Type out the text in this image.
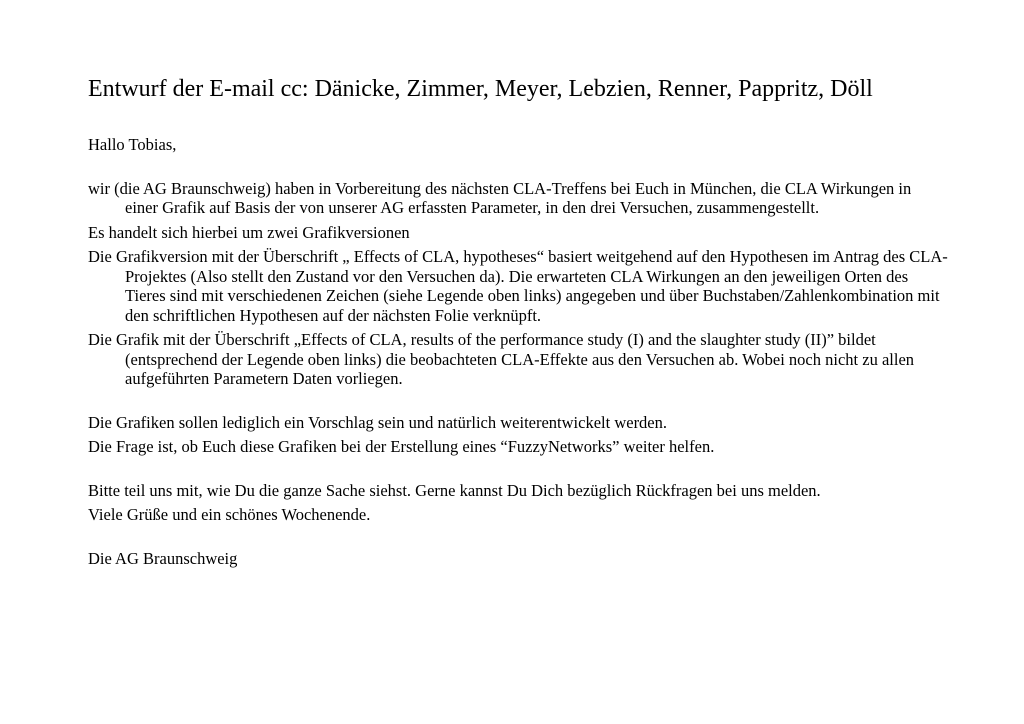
Entwurf der E-mail cc: Dänicke, Zimmer, Meyer, Lebzien, Renner, Pappritz, Döll

Hallo Tobias,

wir (die AG Braunschweig) haben in Vorbereitung des nächsten CLA-Treffens bei Euch in München, die CLA Wirkungen in einer Grafik auf Basis der von unserer AG erfassten Parameter, in den drei Versuchen, zusammengestellt.

Es handelt sich hierbei um zwei Grafikversionen

Die Grafikversion mit der Überschrift „ Effects of CLA, hypotheses“ basiert weitgehend auf den Hypothesen im Antrag des CLA-Projektes (Also stellt den Zustand vor den Versuchen da). Die erwarteten CLA Wirkungen an den jeweiligen Orten des Tieres sind mit verschiedenen Zeichen (siehe Legende oben links) angegeben und über Buchstaben/Zahlenkombination mit den schriftlichen Hypothesen auf der nächsten Folie verknüpft.

Die Grafik mit der Überschrift „Effects of CLA, results of the performance study (I) and the slaughter study (II)” bildet (entsprechend der Legende oben links) die beobachteten CLA-Effekte aus den Versuchen ab. Wobei noch nicht zu allen aufgeführten Parametern Daten vorliegen.

Die Grafiken sollen lediglich ein Vorschlag sein und natürlich weiterentwickelt werden.

Die Frage ist, ob Euch diese Grafiken bei der Erstellung eines “FuzzyNetworks” weiter helfen.

Bitte teil uns mit, wie Du die ganze Sache siehst. Gerne kannst Du Dich bezüglich Rückfragen bei uns melden.

Viele Grüße und ein schönes Wochenende.

Die AG Braunschweig
